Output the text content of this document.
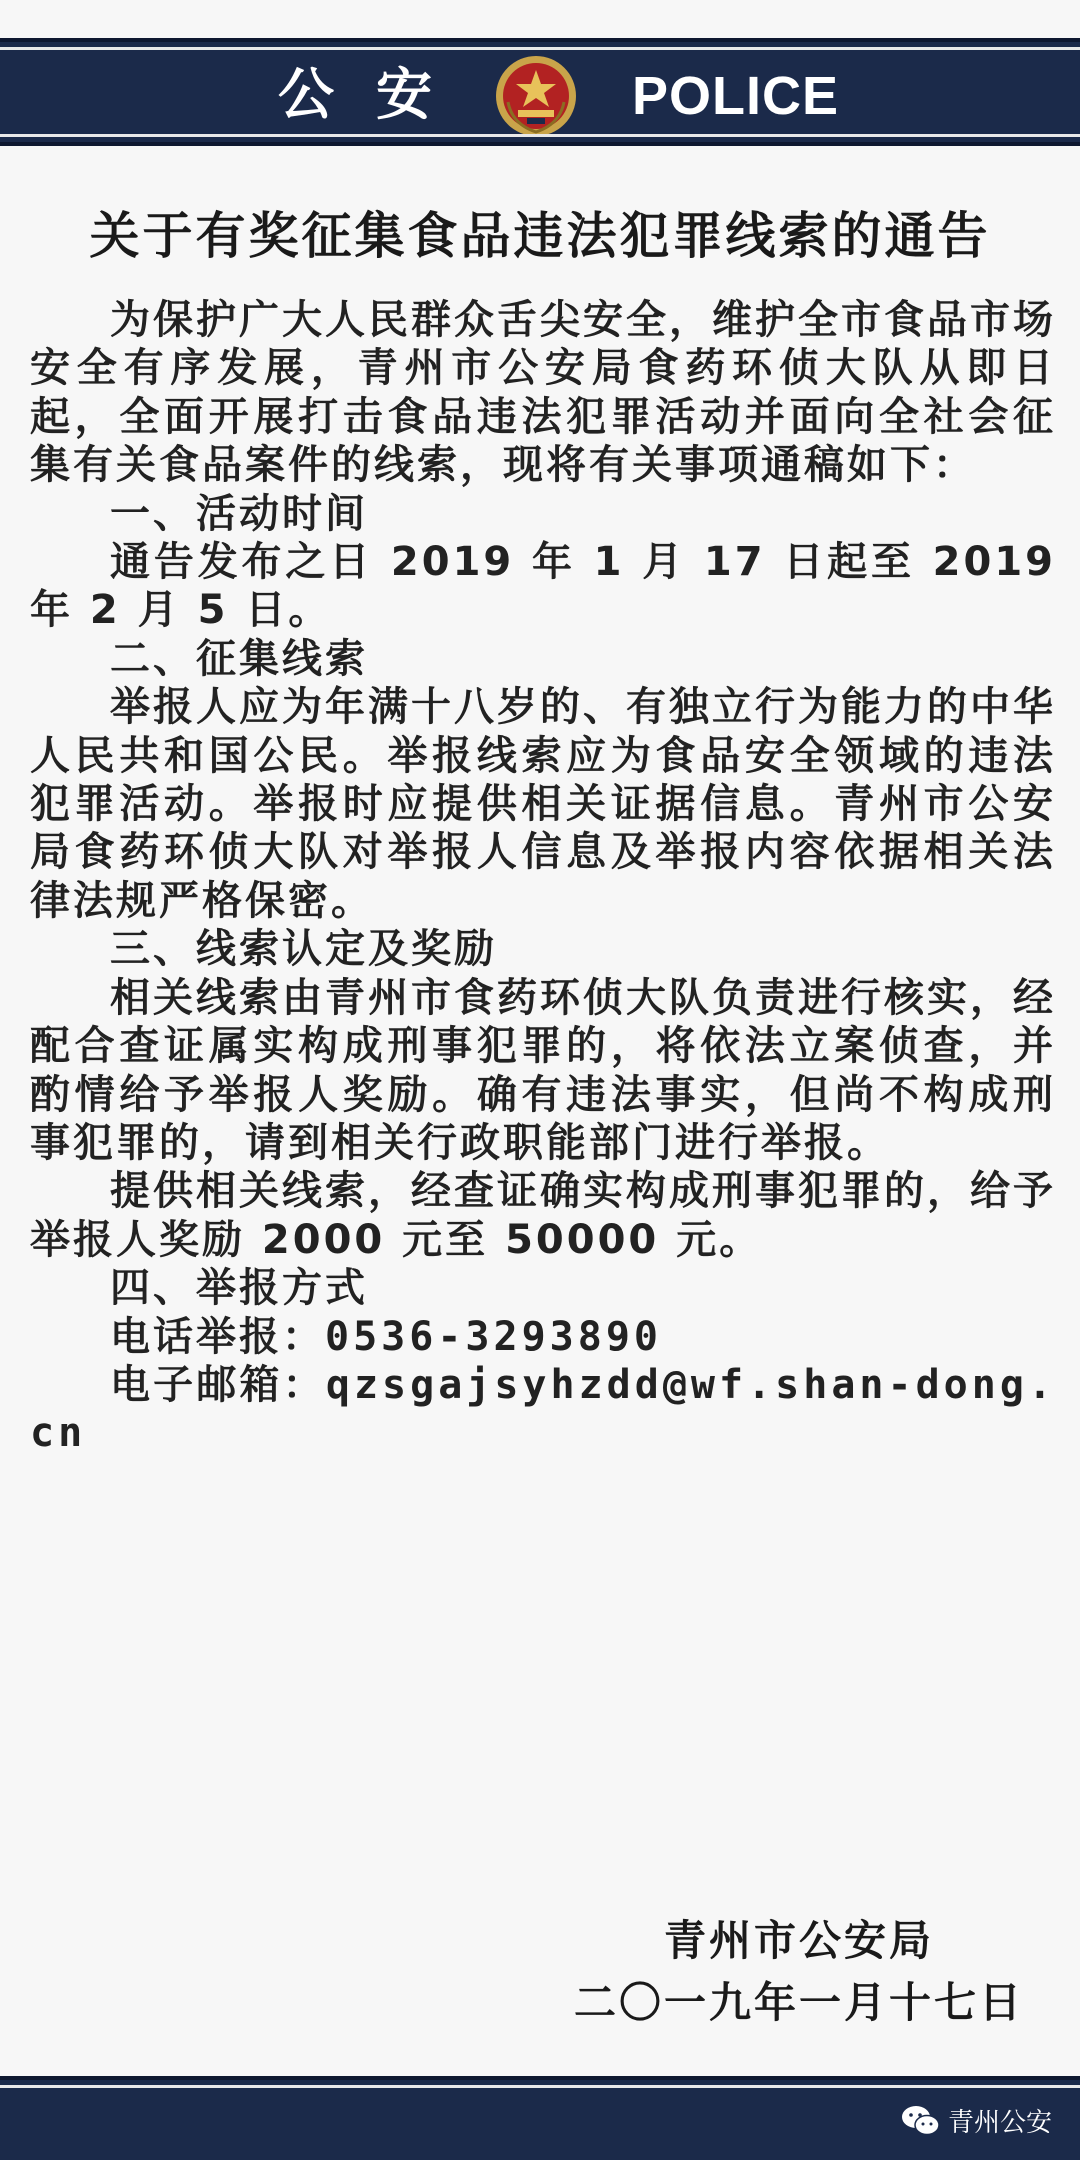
公安	POLICE
关于有奖征集食品违法犯罪线索的通告

为保护广大人民群众舌尖安全，维护全市食品市场安全有序发展，青州市公安局食药环侦大队从即日起，全面开展打击食品违法犯罪活动并面向全社会征集有关食品案件的线索，现将有关事项通稿如下：

一、活动时间

通告发布之日 2019 年 1 月 17 日起至 2019 年 2 月 5 日。

二、征集线索

举报人应为年满十八岁的、有独立行为能力的中华人民共和国公民。举报线索应为食品安全领域的违法犯罪活动。举报时应提供相关证据信息。青州市公安局食药环侦大队对举报人信息及举报内容依据相关法律法规严格保密。

三、线索认定及奖励

相关线索由青州市食药环侦大队负责进行核实，经配合查证属实构成刑事犯罪的，将依法立案侦查，并酌情给予举报人奖励。确有违法事实，但尚不构成刑事犯罪的，请到相关行政职能部门进行举报。

提供相关线索，经查证确实构成刑事犯罪的，给予举报人奖励 2000 元至 50000 元。

四、举报方式

电话举报：0536-3293890

电子邮箱：qzsgajsyhzdd@wf.shan-dong.cn

青州市公安局
二〇一九年一月十七日
青州公安
